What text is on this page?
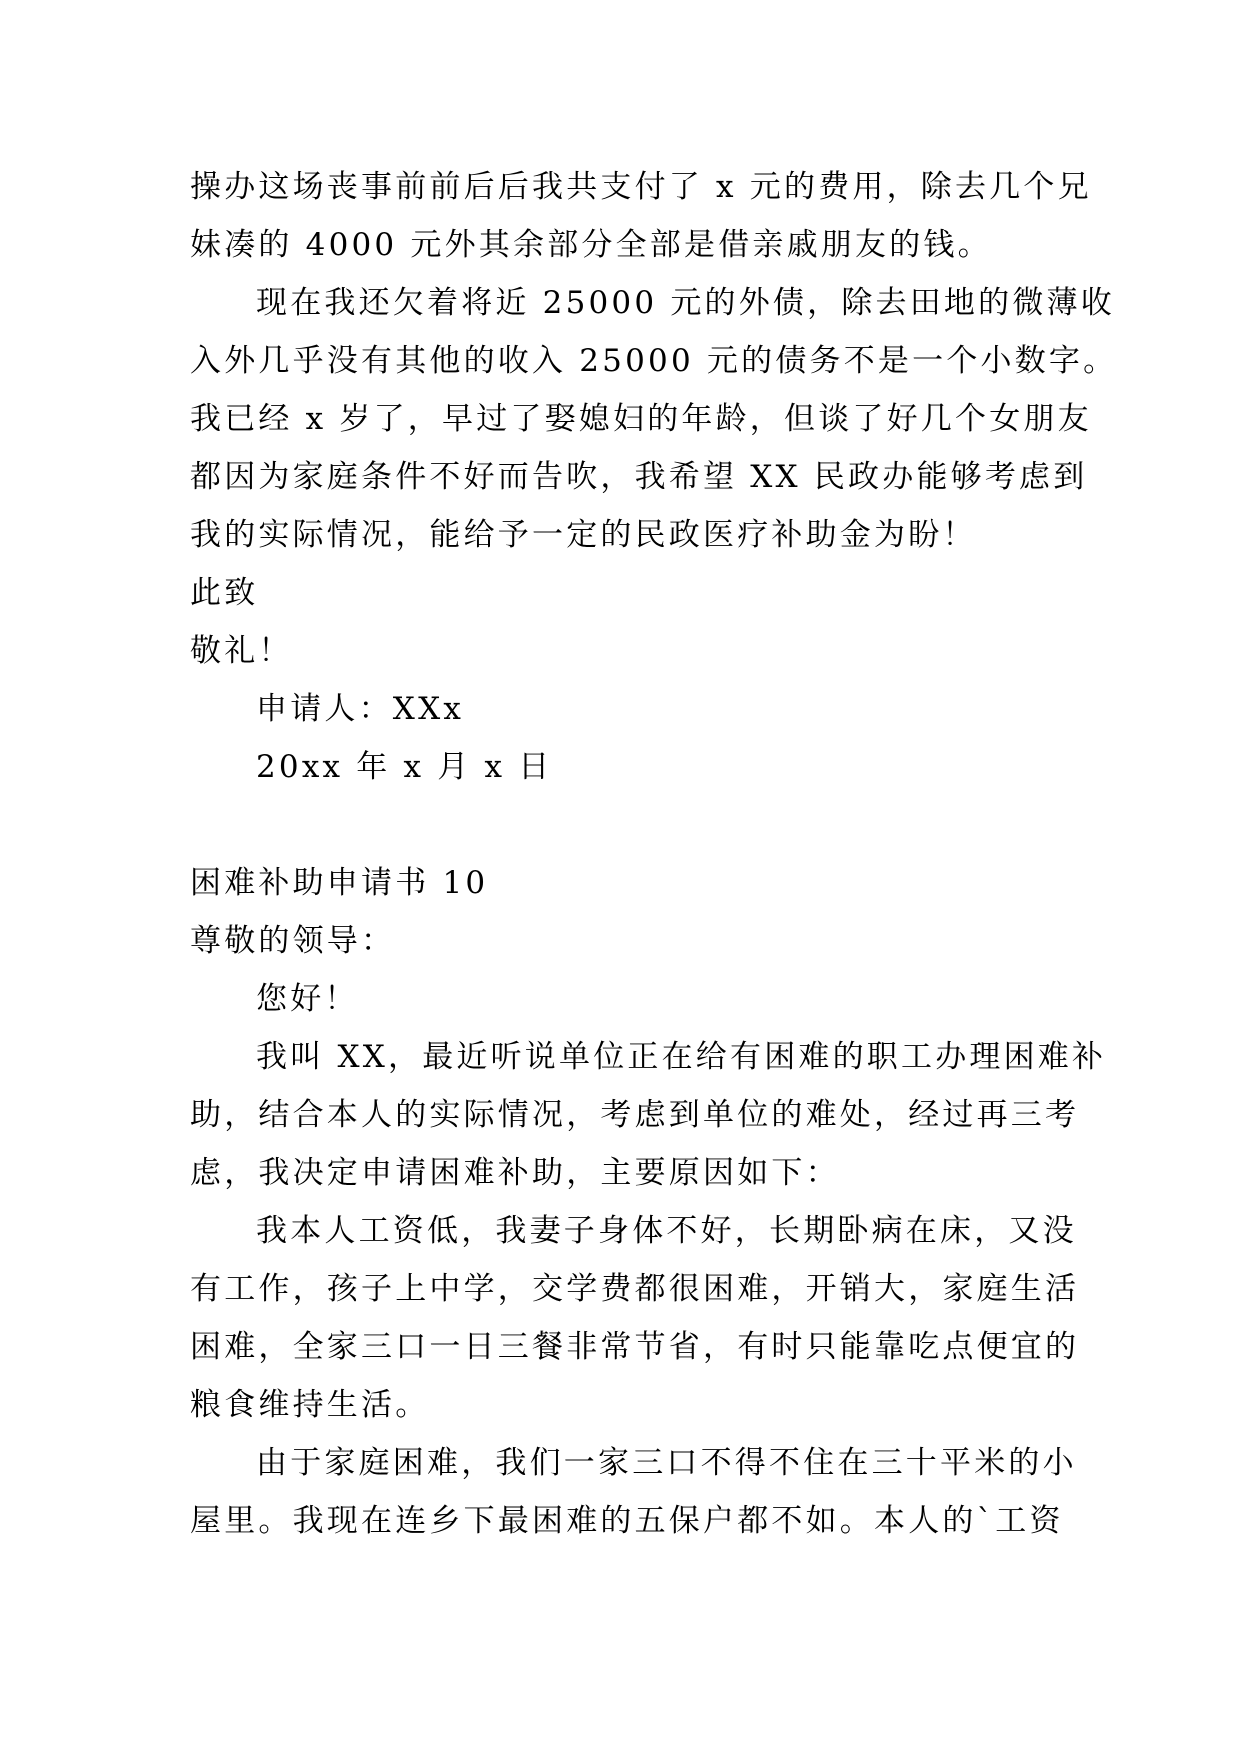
操办这场丧事前前后后我共支付了 x 元的费用，除去几个兄
妹凑的 4000 元外其余部分全部是借亲戚朋友的钱。
现在我还欠着将近 25000 元的外债，除去田地的微薄收
入外几乎没有其他的收入 25000 元的债务不是一个小数字。
我已经 x 岁了，早过了娶媳妇的年龄，但谈了好几个女朋友
都因为家庭条件不好而告吹，我希望 XX 民政办能够考虑到
我的实际情况，能给予一定的民政医疗补助金为盼！
此致
敬礼！
申请人：XXx
20xx 年 x 月 x 日
困难补助申请书 10
尊敬的领导：
您好！
我叫 XX，最近听说单位正在给有困难的职工办理困难补
助，结合本人的实际情况，考虑到单位的难处，经过再三考
虑，我决定申请困难补助，主要原因如下：
我本人工资低，我妻子身体不好，长期卧病在床，又没
有工作，孩子上中学，交学费都很困难，开销大，家庭生活
困难，全家三口一日三餐非常节省，有时只能靠吃点便宜的
粮食维持生活。
由于家庭困难，我们一家三口不得不住在三十平米的小
屋里。我现在连乡下最困难的五保户都不如。本人的`工资
